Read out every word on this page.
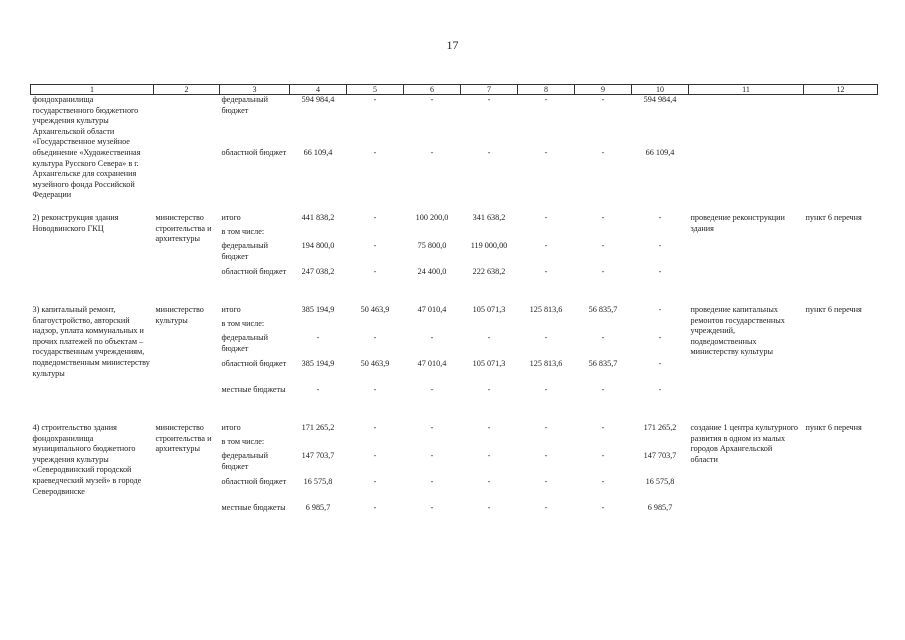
17
1	2	3	4	5	6	7	8	9	10	11	12
фондохранилища государственного бюджетного учреждения культуры Архангельской области «Государственное музейное объединение «Художественная культура Русского Севера» в г. Архангельске для сохранения музейного фонда Российской Федерации		федеральный бюджет	594 984,4	-	-	-	-	-	594 984,4		
		областной бюджет	66 109,4	-	-	-	-	-	66 109,4		

2) реконструкция здания Новодвинского ГКЦ	министерство строительства и архитектуры	итого	441 838,2	-	100 200,0	341 638,2	-	-	-	проведение реконструкции здания	пункт 6 перечня
		в том числе:									
		федеральный бюджет	194 800,0	-	75 800,0	119 000,00	-	-	-		
		областной бюджет	247 038,2	-	24 400,0	222 638,2	-	-	-		

3) капитальный ремонт, благоустройство, авторский надзор, уплата коммунальных и прочих платежей по объектам – государственным учреждениям, подведомственным министерству культуры	министерство культуры	итого	385 194,9	50 463,9	47 010,4	105 071,3	125 813,6	56 835,7	-	проведение капитальных ремонтов государственных учреждений, подведомственных министерству культуры	пункт 6 перечня
		в том числе:									
		федеральный бюджет	-	-	-	-	-	-	-		
		областной бюджет	385 194,9	50 463,9	47 010,4	105 071,3	125 813,6	56 835,7	-		
		местные бюджеты	-	-	-	-	-	-	-		

4) строительство здания фондохранилища муниципального бюджетного учреждения культуры «Северодвинский городской краеведческий музей» в городе Северодвинске	министерство строительства и архитектуры	итого	171 265,2	-	-	-	-	-	171 265,2	создание 1 центра культурного развития в одном из малых городов Архангельской области	пункт 6 перечня
		в том числе:									
		федеральный бюджет	147 703,7	-	-	-	-	-	147 703,7		
		областной бюджет	16 575,8	-	-	-	-	-	16 575,8		
		местные бюджеты	6 985,7	-	-	-	-	-	6 985,7		
